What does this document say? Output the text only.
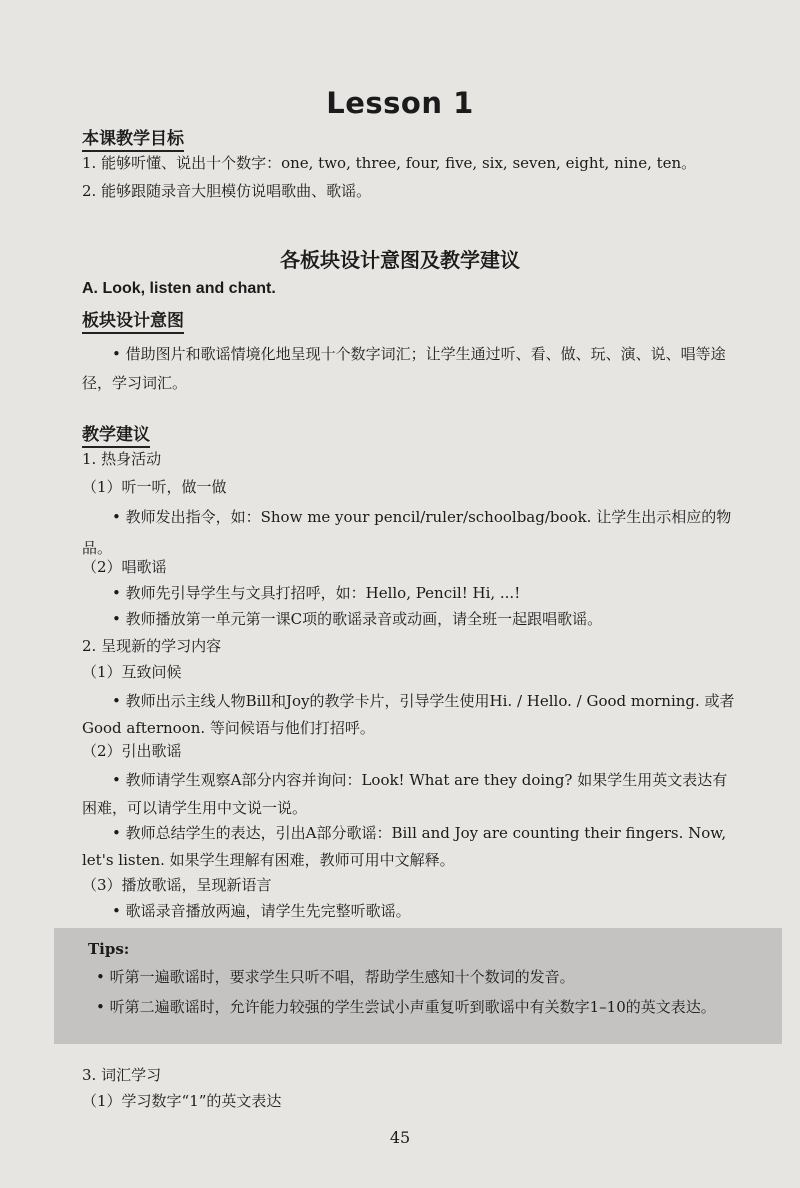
Lesson 1
本课教学目标
1. 能够听懂、说出十个数字：one, two, three, four, five, six, seven, eight, nine, ten。
2. 能够跟随录音大胆模仿说唱歌曲、歌谣。
各板块设计意图及教学建议
A. Look, listen and chant.
板块设计意图

• 借助图片和歌谣情境化地呈现十个数字词汇；让学生通过听、看、做、玩、演、说、唱等途径，学习词汇。

教学建议
1. 热身活动
（1）听一听，做一做

• 教师发出指令，如：Show me your pencil/ruler/schoolbag/book. 让学生出示相应的物品。

（2）唱歌谣

• 教师先引导学生与文具打招呼，如：Hello, Pencil! Hi, ...!

• 教师播放第一单元第一课C项的歌谣录音或动画，请全班一起跟唱歌谣。

2. 呈现新的学习内容
（1）互致问候

• 教师出示主线人物Bill和Joy的教学卡片，引导学生使用Hi. / Hello. / Good morning. 或者Good afternoon. 等问候语与他们打招呼。

（2）引出歌谣

• 教师请学生观察A部分内容并询问：Look! What are they doing? 如果学生用英文表达有困难，可以请学生用中文说一说。

• 教师总结学生的表达，引出A部分歌谣：Bill and Joy are counting their fingers. Now, let's listen. 如果学生理解有困难，教师可用中文解释。

（3）播放歌谣，呈现新语言

• 歌谣录音播放两遍，请学生先完整听歌谣。

Tips:

• 听第一遍歌谣时，要求学生只听不唱，帮助学生感知十个数词的发音。

• 听第二遍歌谣时，允许能力较强的学生尝试小声重复听到歌谣中有关数字1–10的英文表达。

3. 词汇学习
（1）学习数字“1”的英文表达
45
